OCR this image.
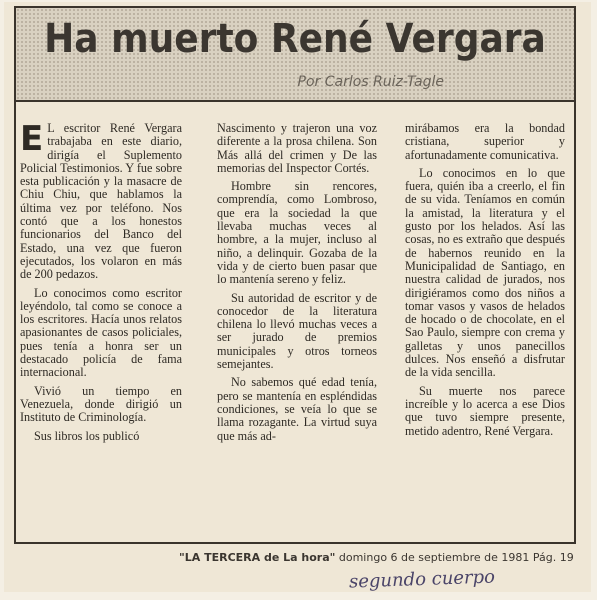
Ha muerto René Vergara
Por Carlos Ruiz-Tagle

E L escritor René Vergara trabajaba en este diario, dirigía el Suplemento Policial Testimonios. Y fue sobre esta publicación y la masacre de Chiu Chiu, que hablamos la última vez por teléfono. Nos contó que a los honestos funcionarios del Banco del Estado, una vez que fueron ejecutados, los volaron en más de 200 pedazos.

Lo conocimos como escritor leyéndolo, tal como se conoce a los escritores. Hacía unos relatos apasionantes de casos policiales, pues tenía a honra ser un destacado policía de fama internacional.

Vivió un tiempo en Venezuela, donde dirigió un Instituto de Criminología.

Sus libros los publicó

Nascimento y trajeron una voz diferente a la prosa chilena. Son Más allá del crimen y De las memorias del Inspector Cortés.

Hombre sin rencores, comprendía, como Lombroso, que era la sociedad la que llevaba muchas veces al hombre, a la mujer, incluso al niño, a delinquir. Gozaba de la vida y de cierto buen pasar que lo mantenía sereno y feliz.

Su autoridad de escritor y de conocedor de la literatura chilena lo llevó muchas veces a ser jurado de premios municipales y otros torneos semejantes.

No sabemos qué edad tenía, pero se mantenía en espléndidas condiciones, se veía lo que se llama rozagante. La virtud suya que más ad-

mirábamos era la bondad cristiana, superior y afortunadamente comunicativa.

Lo conocimos en lo que fuera, quién iba a creerlo, el fin de su vida. Teníamos en común la amistad, la literatura y el gusto por los helados. Así las cosas, no es extraño que después de habernos reunido en la Municipalidad de Santiago, en nuestra calidad de jurados, nos dirigiéramos como dos niños a tomar vasos y vasos de helados de hocado o de chocolate, en el Sao Paulo, siempre con crema y galletas y unos panecillos dulces. Nos enseñó a disfrutar de la vida sencilla.

Su muerte nos parece increíble y lo acerca a ese Dios que tuvo siempre presente, metido adentro, René Vergara.

"LA TERCERA de La hora" domingo 6 de septiembre de 1981 Pág. 19
segundo cuerpo
